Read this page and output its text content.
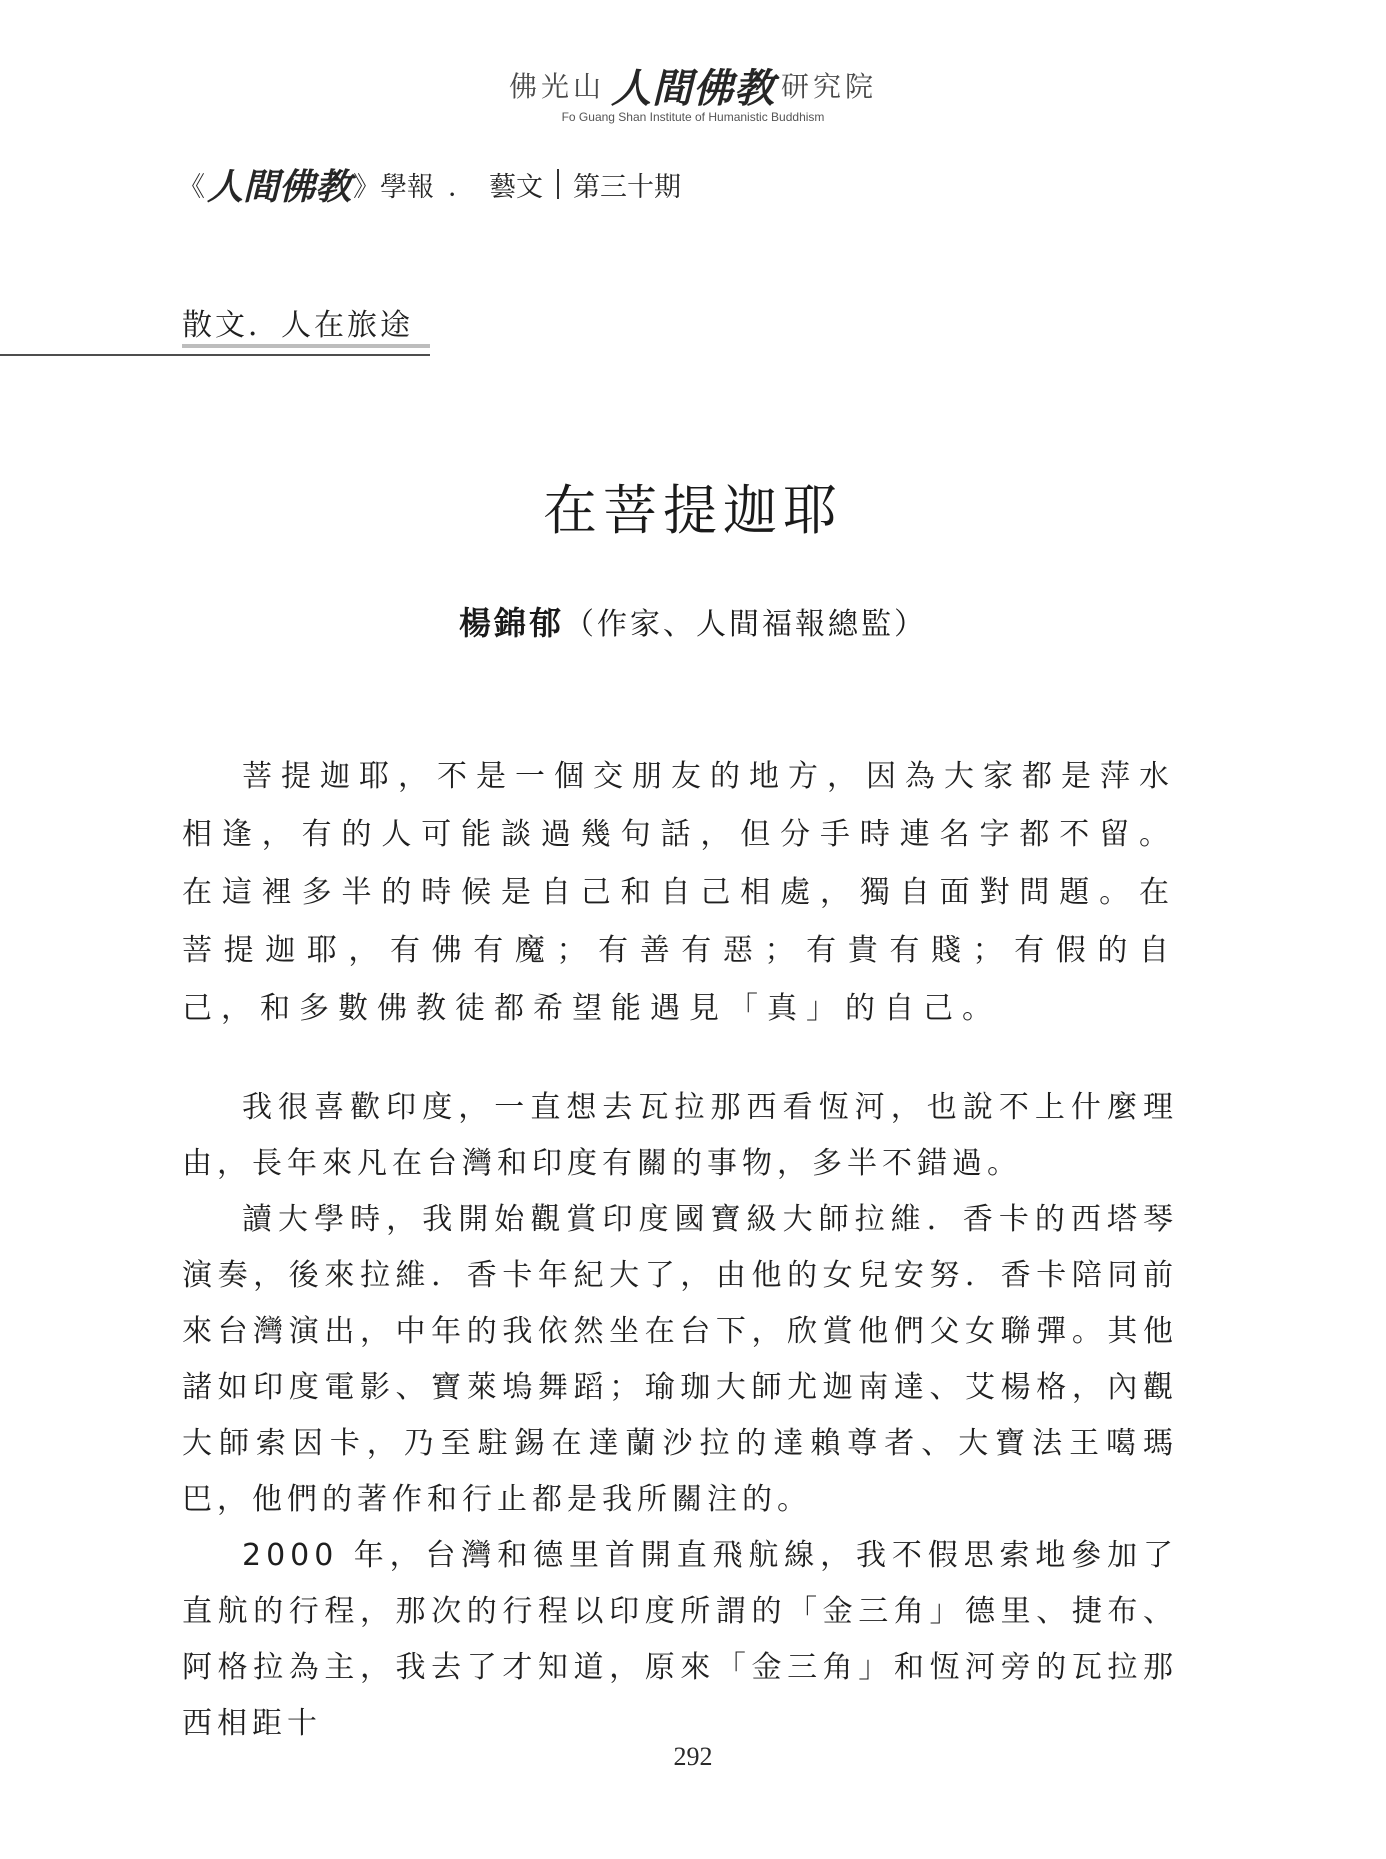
佛光山 人間佛教 研究院
Fo Guang Shan Institute of Humanistic Buddhism
《 人間佛教 》 學報 ． 藝文 第三十期
散文．人在旅途
在菩提迦耶
楊錦郁（作家、人間福報總監）

菩提迦耶，不是一個交朋友的地方，因為大家都是萍水相逢，有的人可能談過幾句話，但分手時連名字都不留。在這裡多半的時候是自己和自己相處，獨自面對問題。在菩提迦耶，有佛有魔；有善有惡；有貴有賤；有假的自己，和多數佛教徒都希望能遇見「真」的自己。

我很喜歡印度，一直想去瓦拉那西看恆河，也說不上什麼理由，長年來凡在台灣和印度有關的事物，多半不錯過。

讀大學時，我開始觀賞印度國寶級大師拉維．香卡的西塔琴演奏，後來拉維．香卡年紀大了，由他的女兒安努．香卡陪同前來台灣演出，中年的我依然坐在台下，欣賞他們父女聯彈。其他諸如印度電影、寶萊塢舞蹈；瑜珈大師尤迦南達、艾楊格，內觀大師索因卡，乃至駐錫在達蘭沙拉的達賴尊者、大寶法王噶瑪巴，他們的著作和行止都是我所關注的。

2000 年，台灣和德里首開直飛航線，我不假思索地參加了直航的行程，那次的行程以印度所謂的「金三角」德里、捷布、阿格拉為主，我去了才知道，原來「金三角」和恆河旁的瓦拉那西相距十

292
